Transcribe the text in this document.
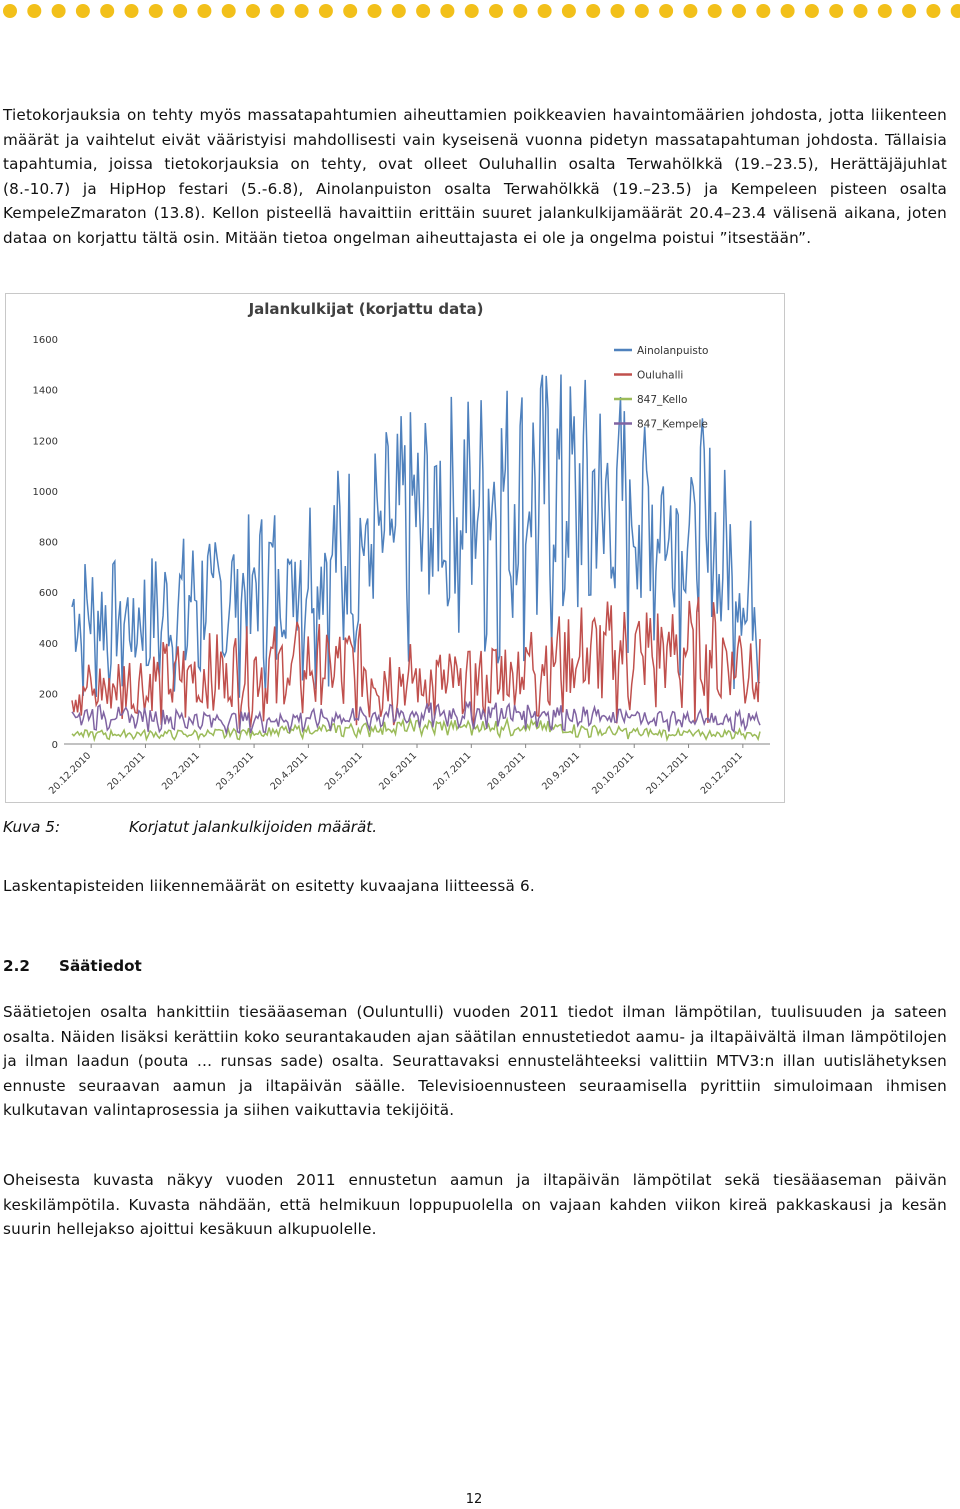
Tietokorjauksia on tehty myös massatapahtumien aiheuttamien poikkeavien havaintomäärien johdosta, jotta liikenteen määrät ja vaihtelut eivät vääristyisi mahdollisesti vain kyseisenä vuonna pidetyn massatapahtuman johdosta. Tällaisia tapahtumia, joissa tietokorjauksia on tehty, ovat olleet Ouluhallin osalta Terwahölkkä (19.–23.5), Herättäjäjuhlat (8.-10.7) ja HipHop festari (5.-6.8), Ainolanpuiston osalta Terwahölkkä (19.–23.5) ja Kempeleen pisteen osalta KempeleZmaraton (13.8). Kellon pisteellä havaittiin erittäin suuret jalankulkijamäärät 20.4–23.4 välisenä aikana, joten dataa on korjattu tältä osin. Mitään tietoa ongelman aiheuttajasta ei ole ja ongelma poistui ”itsestään”.

Jalankulkijat (korjattu data)
0
200
400
600
800
1000
1200
1400
1600
20.12.2010 20.1.2011 20.2.2011 20.3.2011 20.4.2011 20.5.2011 20.6.2011 20.7.2011 20.8.2011 20.9.2011 20.10.2011 20.11.2011 20.12.2011
Ainolanpuisto
Ouluhalli
847_Kello
847_Kempele
Kuva 5:	Korjatut jalankulkijoiden määrät.

Laskentapisteiden liikennemäärät on esitetty kuvaajana liitteessä 6.

2.2 Säätiedot

Säätietojen osalta hankittiin tiesääaseman (Ouluntulli) vuoden 2011 tiedot ilman lämpötilan, tuulisuuden ja sateen osalta. Näiden lisäksi kerättiin koko seurantakauden ajan säätilan ennustetiedot aamu- ja iltapäivältä ilman lämpötilojen ja ilman laadun (pouta … runsas sade) osalta. Seurattavaksi ennustelähteeksi valittiin MTV3:n illan uutislähetyksen ennuste seuraavan aamun ja iltapäivän säälle. Televisioennusteen seuraamisella pyrittiin simuloimaan ihmisen kulkutavan valintaprosessia ja siihen vaikuttavia tekijöitä.

Oheisesta kuvasta näkyy vuoden 2011 ennustetun aamun ja iltapäivän lämpötilat sekä tiesääaseman päivän keskilämpötila. Kuvasta nähdään, että helmikuun loppupuolella on vajaan kahden viikon kireä pakkaskausi ja kesän suurin hellejakso ajoittui kesäkuun alkupuolelle.

12
